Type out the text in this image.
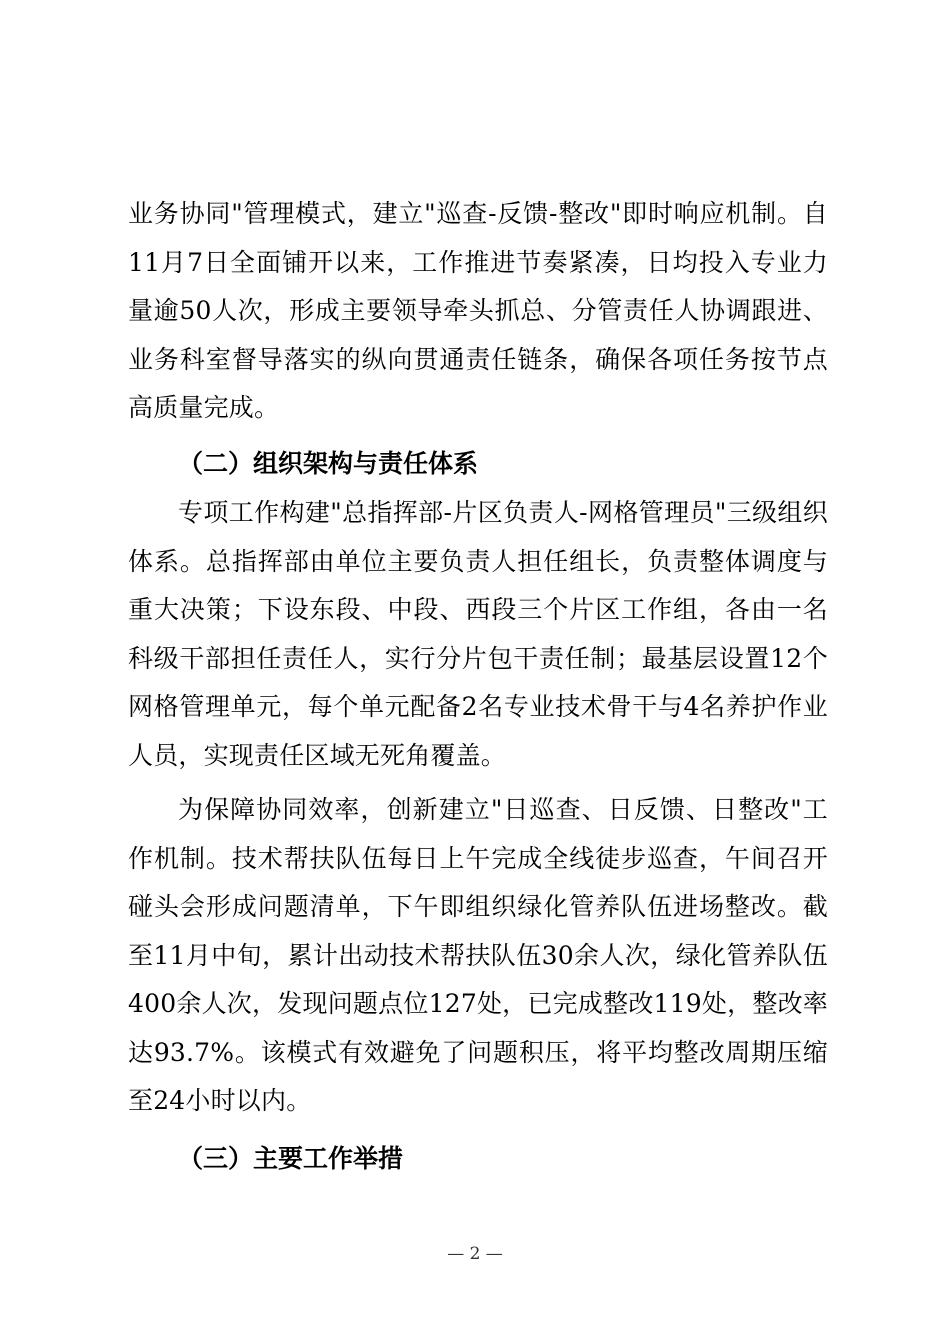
业务协同"管理模式，建立"巡查-反馈-整改"即时响应机制。自11月7日全面铺开以来，工作推进节奏紧凑，日均投入专业力量逾50人次，形成主要领导牵头抓总、分管责任人协调跟进、业务科室督导落实的纵向贯通责任链条，确保各项任务按节点高质量完成。

（二）组织架构与责任体系

专项工作构建"总指挥部-片区负责人-网格管理员"三级组织体系。总指挥部由单位主要负责人担任组长，负责整体调度与重大决策；下设东段、中段、西段三个片区工作组，各由一名科级干部担任责任人，实行分片包干责任制；最基层设置12个网格管理单元，每个单元配备2名专业技术骨干与4名养护作业人员，实现责任区域无死角覆盖。

为保障协同效率，创新建立"日巡查、日反馈、日整改"工作机制。技术帮扶队伍每日上午完成全线徒步巡查，午间召开碰头会形成问题清单，下午即组织绿化管养队伍进场整改。截至11月中旬，累计出动技术帮扶队伍30余人次，绿化管养队伍400余人次，发现问题点位127处，已完成整改119处，整改率达93.7%。该模式有效避免了问题积压，将平均整改周期压缩至24小时以内。

（三）主要工作举措
— 2 —
